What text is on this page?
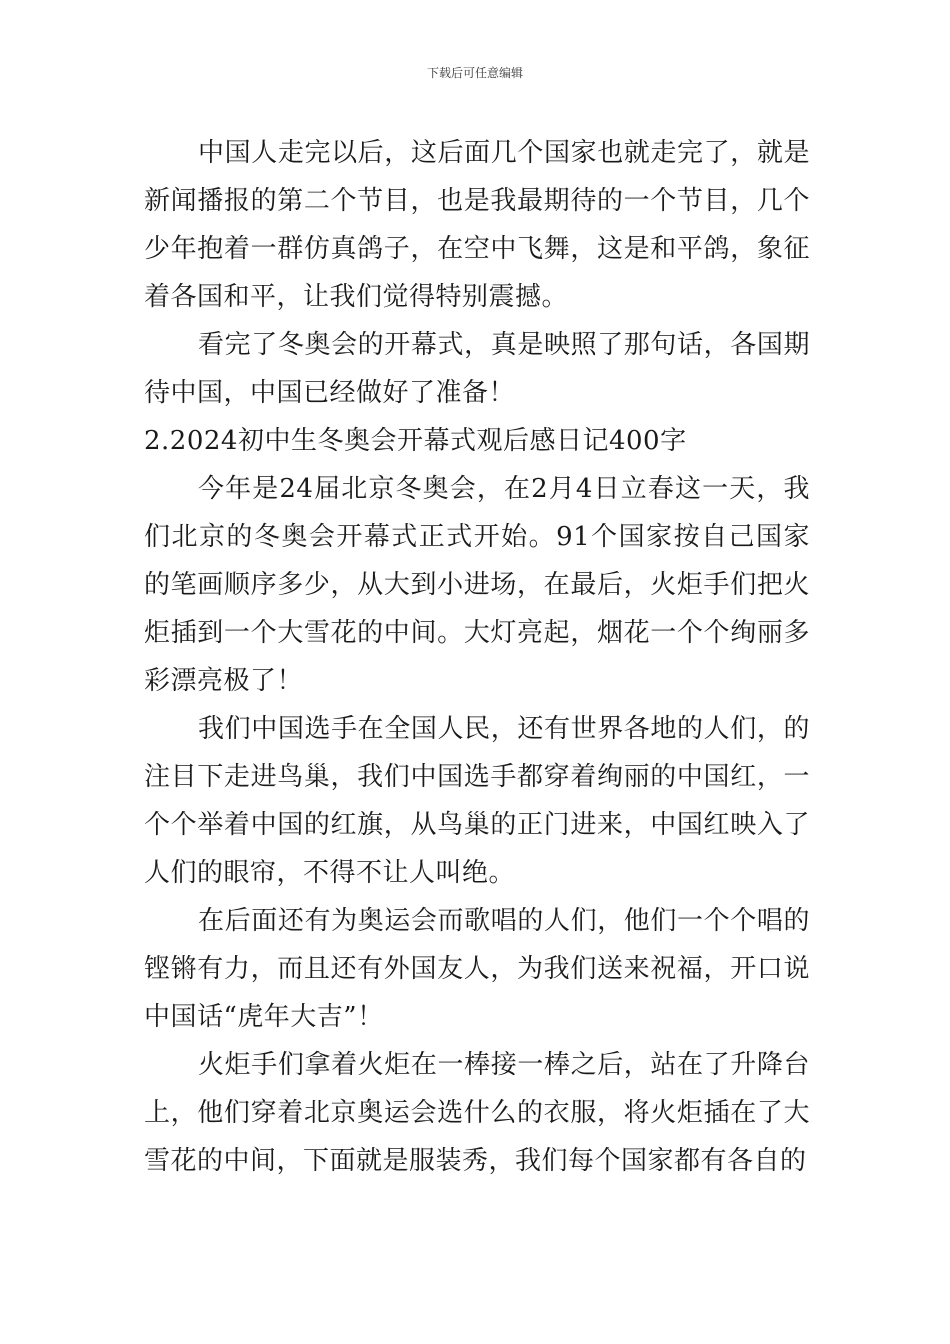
下载后可任意编辑

中国人走完以后，这后面几个国家也就走完了，就是新闻播报的第二个节目，也是我最期待的一个节目，几个少年抱着一群仿真鸽子，在空中飞舞，这是和平鸽，象征着各国和平，让我们觉得特别震撼。

看完了冬奥会的开幕式，真是映照了那句话，各国期待中国，中国已经做好了准备！

2.2024初中生冬奥会开幕式观后感日记400字

今年是24届北京冬奥会，在2月4日立春这一天，我们北京的冬奥会开幕式正式开始。91个国家按自己国家的笔画顺序多少，从大到小进场，在最后，火炬手们把火炬插到一个大雪花的中间。大灯亮起，烟花一个个绚丽多彩漂亮极了！

我们中国选手在全国人民，还有世界各地的人们，的注目下走进鸟巢，我们中国选手都穿着绚丽的中国红，一个个举着中国的红旗，从鸟巢的正门进来，中国红映入了人们的眼帘，不得不让人叫绝。

在后面还有为奥运会而歌唱的人们，他们一个个唱的铿锵有力，而且还有外国友人，为我们送来祝福，开口说中国话“虎年大吉”！

火炬手们拿着火炬在一棒接一棒之后，站在了升降台上，他们穿着北京奥运会选什么的衣服，将火炬插在了大雪花的中间，下面就是服装秀，我们每个国家都有各自的
